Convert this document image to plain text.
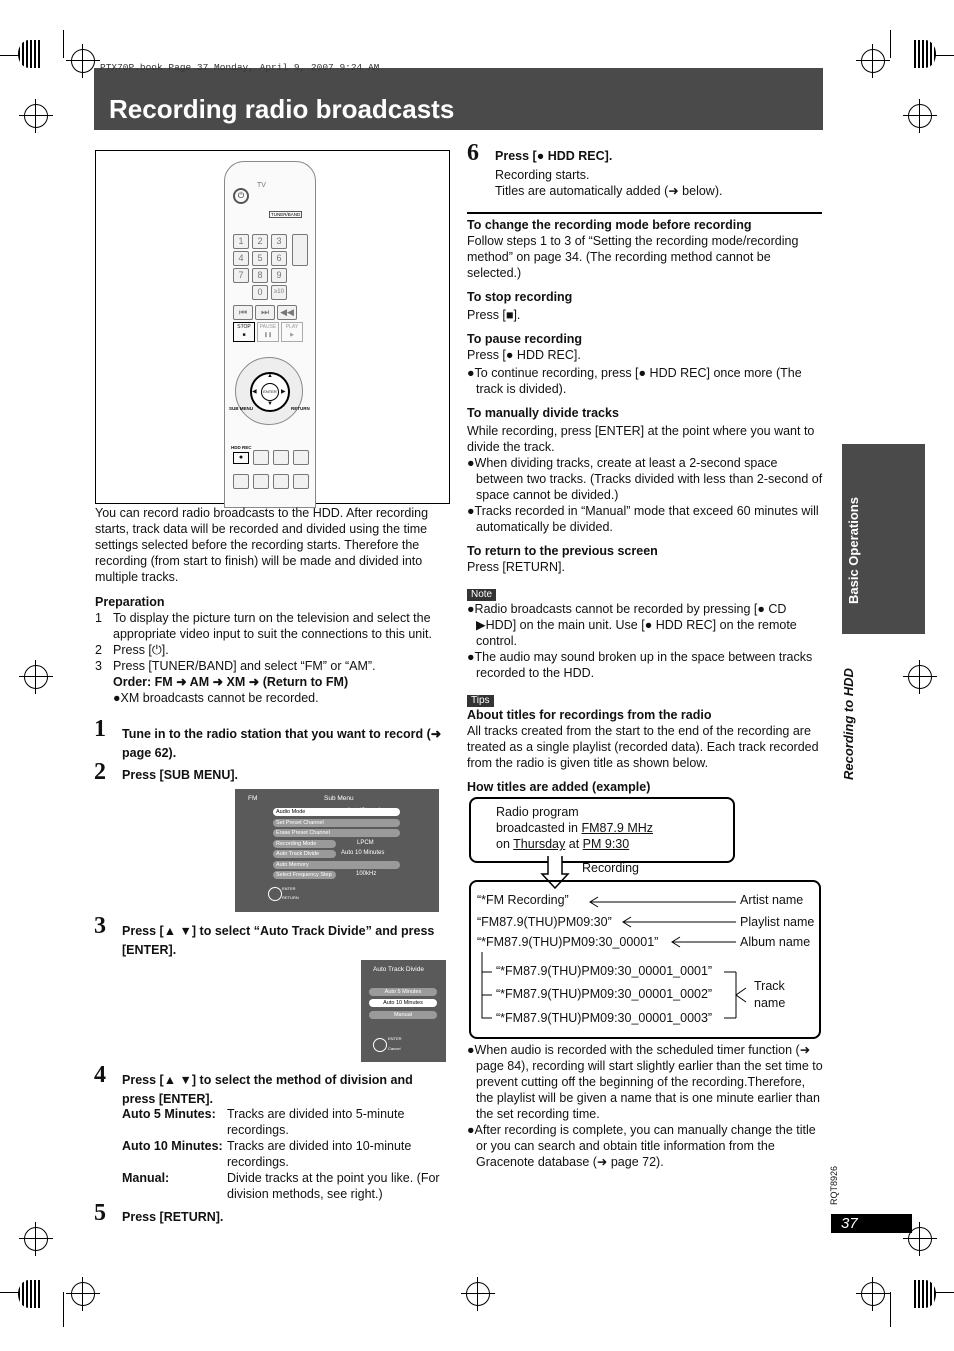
PTX70P.book Page 37 Monday, April 9, 2007 9:24 AM
Recording radio broadcasts
⏻
TV
TUNER/BAND
1	2	3
4	5	6
7	8	9
0	≥10
⏮	⏭	◀◀
STOP
■
PAUSE
❚❚
PLAY
▶
ENTER
▲
▼
◀	▶
SUB MENU	RETURN
HDD REC
●
You can record radio broadcasts to the HDD. After recording starts, track data will be recorded and divided using the time settings selected before the recording starts. Therefore the recording (from start to finish) will be made and divided into multiple tracks.
Preparation
1 To display the picture turn on the television and select the appropriate video input to suit the connections to this unit.
2 Press [⏻].
3 Press [TUNER/BAND] and select “FM” or “AM”.
Order: FM ➜ AM ➜ XM ➜ (Return to FM)
●XM broadcasts cannot be recorded.
1 Tune in to the radio station that you want to record (➜ page 62).
2 Press [SUB MENU].
FM	Sub Menu
Audio Mode
Set Preset Channel
Erase Preset Channel
Recording Mode
Auto Track Divide
Auto Memory
Select Frequency Step
Auto(Stereo)
LPCM
Auto 10 Minutes
100kHz
ENTER
RETURN
3 Press [▲ ▼] to select “Auto Track Divide” and press [ENTER].
Auto Track Divide
Auto 5 Minutes
Auto 10 Minutes
Manual
ENTER
Cancel
4 Press [▲ ▼] to select the method of division and press [ENTER].
Auto 5 Minutes: Tracks are divided into 5-minute
recordings.
Auto 10 Minutes: Tracks are divided into 10-minute
recordings.
Manual:	Divide tracks at the point you like. (For
division methods, see right.)
5 Press [RETURN].
6 Press [● HDD REC].
Recording starts.
Titles are automatically added (➜ below).
To change the recording mode before recording
Follow steps 1 to 3 of “Setting the recording mode/recording method” on page 34. (The recording method cannot be selected.)
To stop recording
Press [■].
To pause recording
Press [● HDD REC].
●To continue recording, press [● HDD REC] once more (The track is divided).
To manually divide tracks
While recording, press [ENTER] at the point where you want to divide the track.
●When dividing tracks, create at least a 2-second space between two tracks. (Tracks divided with less than 2-second of space cannot be divided.)
●Tracks recorded in “Manual” mode that exceed 60 minutes will automatically be divided.
To return to the previous screen
Press [RETURN].
Note
●Radio broadcasts cannot be recorded by pressing [● CD ▶HDD] on the main unit. Use [● HDD REC] on the remote control.
●The audio may sound broken up in the space between tracks recorded to the HDD.
Tips
About titles for recordings from the radio
All tracks created from the start to the end of the recording are treated as a single playlist (recorded data). Each track recorded from the radio is given title as shown below.
How titles are added (example)
Radio program
broadcasted in FM87.9 MHz
on Thursday at PM 9:30
Recording
“*FM Recording”	Artist name
“FM87.9(THU)PM09:30”	Playlist name
“*FM87.9(THU)PM09:30_00001”	Album name
“*FM87.9(THU)PM09:30_00001_0001”
“*FM87.9(THU)PM09:30_00001_0002”
“*FM87.9(THU)PM09:30_00001_0003”
Track
name
●When audio is recorded with the scheduled timer function (➜ page 84), recording will start slightly earlier than the set time to prevent cutting off the beginning of the recording.Therefore, the playlist will be given a name that is one minute earlier than the set recording time.
●After recording is complete, you can manually change the title or you can search and obtain title information from the Gracenote database (➜ page 72).
Basic Operations
Recording to HDD
RQT8926
37
